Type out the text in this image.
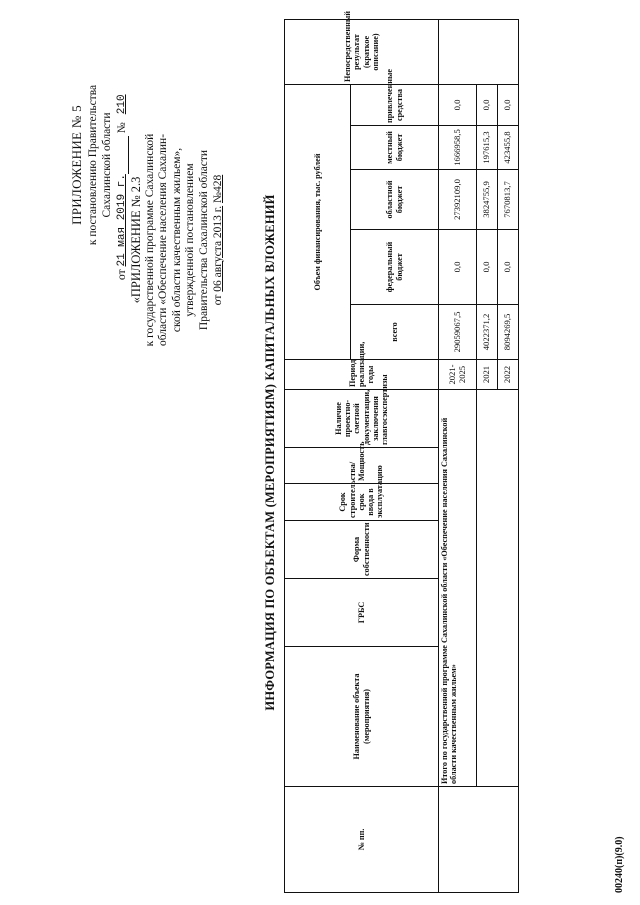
ПРИЛОЖЕНИЕ № 5 к постановлению Правительства Сахалинской области
от

21 мая 2019 г.

№

210
«ПРИЛОЖЕНИЕ № 2.3 к государственной программе Сахалинской области «Обеспечение населения Сахалин- ской области качественным жильем», утвержденной постановлением Правительства Сахалинской области от 06 августа 2013 г. №428
ИНФОРМАЦИЯ ПО ОБЪЕКТАМ (МЕРОПРИЯТИЯМ) КАПИТАЛЬНЫХ ВЛОЖЕНИЙ
№ пп.	Наименование объекта (мероприятия)	ГРБС	Форма собственности	Срок строительства/срок ввода в эксплуатацию	Мощность	Наличие проектно-сметной документации, заключения главгосэкспертизы	Период реализации, годы	Объем финансирования, тыс. рублей					Непосредственный результат (краткое описание)
								всего	федеральный бюджет	областной бюджет	местный бюджет	привлеченные средства	
	Итого по государственной программе Сахалинской области «Обеспечение населения Сахалинской области качественным жильем»						2021-2025	29059067,5	0,0	27392109,0	1666958,5	0,0	
							2021	4022371,2	0,0	3824755,9	197615,3	0,0	
							2022	8094269,5	0,0	7670813,7	423455,8	0,0	
00240(п)(9.0)
